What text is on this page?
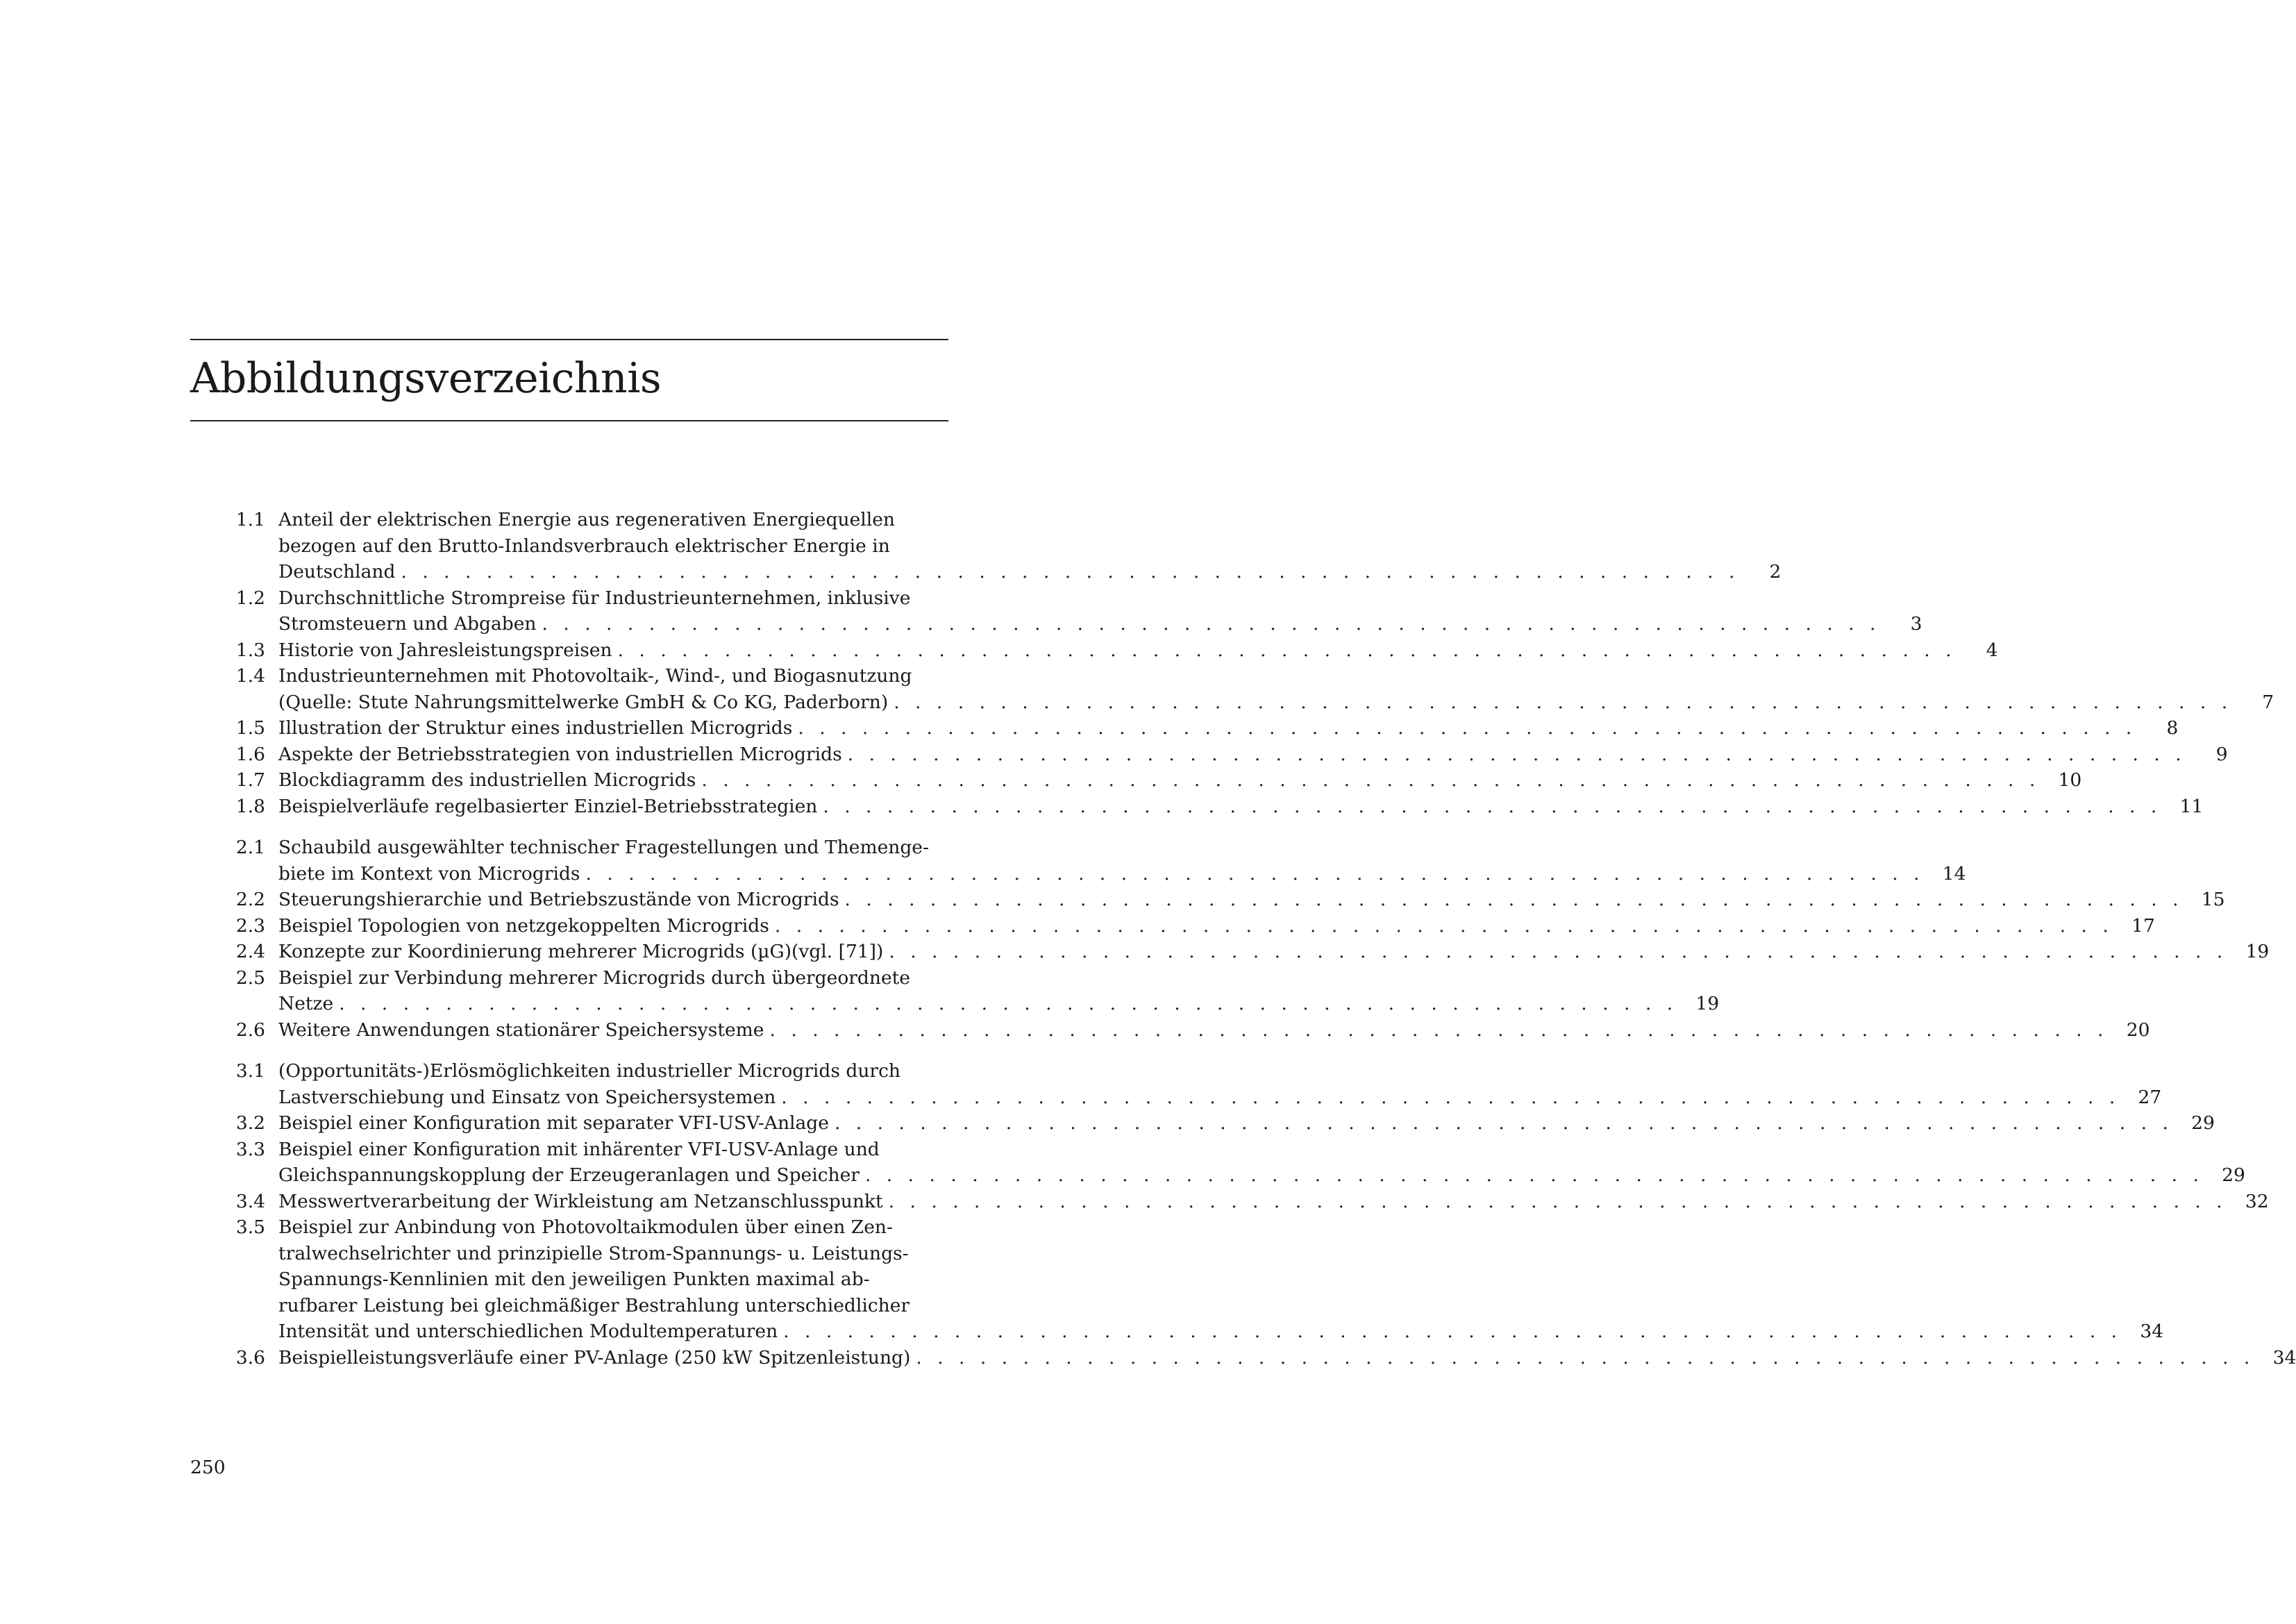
Abbildungsverzeichnis
1.1 Anteil der elektrischen Energie aus regenerativen Energiequellen
bezogen auf den Brutto-Inlandsverbrauch elektrischer Energie in
Deutschland . . .	2
1.2 Durchschnittliche Strompreise für Industrieunternehmen, inklusive
Stromsteuern und Abgaben . . .	3
1.3 Historie von Jahresleistungspreisen . . .	4
1.4 Industrieunternehmen mit Photovoltaik-, Wind-, und Biogasnutzung
(Quelle: Stute Nahrungsmittelwerke GmbH & Co KG, Paderborn) . . .	7
1.5 Illustration der Struktur eines industriellen Microgrids . . .	8
1.6 Aspekte der Betriebsstrategien von industriellen Microgrids . . .	9
1.7 Blockdiagramm des industriellen Microgrids . . .	10
1.8 Beispielverläufe regelbasierter Einziel-Betriebsstrategien . . .	11
2.1 Schaubild ausgewählter technischer Fragestellungen und Themenge-
biete im Kontext von Microgrids . . .	14
2.2 Steuerungshierarchie und Betriebszustände von Microgrids . . .	15
2.3 Beispiel Topologien von netzgekoppelten Microgrids . . .	17
2.4 Konzepte zur Koordinierung mehrerer Microgrids (µG)(vgl. [71]) . . .	19
2.5 Beispiel zur Verbindung mehrerer Microgrids durch übergeordnete
Netze . . .	19
2.6 Weitere Anwendungen stationärer Speichersysteme . . .	20
3.1 (Opportunitäts-)Erlösmöglichkeiten industrieller Microgrids durch
Lastverschiebung und Einsatz von Speichersystemen . . .	27
3.2 Beispiel einer Konfiguration mit separater VFI-USV-Anlage . . .	29
3.3 Beispiel einer Konfiguration mit inhärenter VFI-USV-Anlage und
Gleichspannungskopplung der Erzeugeranlagen und Speicher . . .	29
3.4 Messwertverarbeitung der Wirkleistung am Netzanschlusspunkt . . .	32
3.5 Beispiel zur Anbindung von Photovoltaikmodulen über einen Zen-
tralwechselrichter und prinzipielle Strom-Spannungs- u. Leistungs-
Spannungs-Kennlinien mit den jeweiligen Punkten maximal ab-
rufbarer Leistung bei gleichmäßiger Bestrahlung unterschiedlicher
Intensität und unterschiedlichen Modultemperaturen . . .	34
3.6 Beispielleistungsverläufe einer PV-Anlage (250 kW Spitzenleistung) . . .	34
250
